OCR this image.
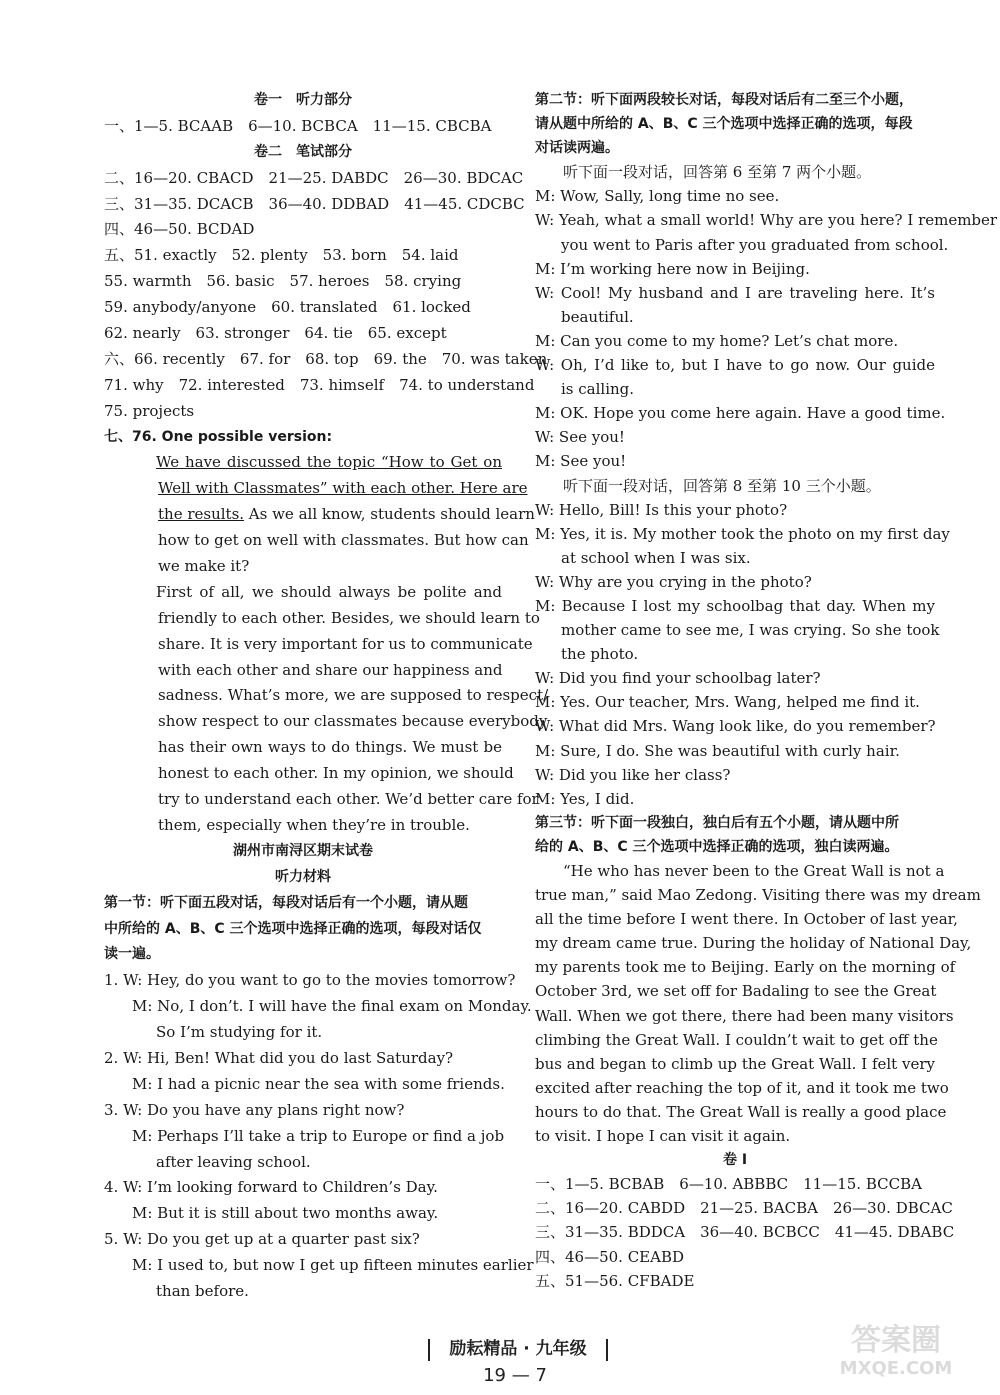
卷一　听力部分
一、1—5. BCAAB　6—10. BCBCA　11—15. CBCBA
卷二　笔试部分
二、16—20. CBACD　21—25. DABDC　26—30. BDCAC
三、31—35. DCACB　36—40. DDBAD　41—45. CDCBC
四、46—50. BCDAD
五、51. exactly　52. plenty　53. born　54. laid
55. warmth　56. basic　57. heroes　58. crying
59. anybody/anyone　60. translated　61. locked
62. nearly　63. stronger　64. tie　65. except
六、66. recently　67. for　68. top　69. the　70. was taken
71. why　72. interested　73. himself　74. to understand
75. projects
七、76. One possible version:
We have discussed the topic “How to Get on
Well with Classmates” with each other. Here are
the results. As we all know, students should learn
how to get on well with classmates. But how can
we make it?
First of all, we should always be polite and
friendly to each other. Besides, we should learn to
share. It is very important for us to communicate
with each other and share our happiness and
sadness. What’s more, we are supposed to respect/
show respect to our classmates because everybody
has their own ways to do things. We must be
honest to each other. In my opinion, we should
try to understand each other. We’d better care for
them, especially when they’re in trouble.
湖州市南浔区期末试卷
听力材料
第一节：听下面五段对话，每段对话后有一个小题，请从题
中所给的 A、B、C 三个选项中选择正确的选项，每段对话仅
读一遍。
1. W: Hey, do you want to go to the movies tomorrow?
M: No, I don’t. I will have the final exam on Monday.
So I’m studying for it.
2. W: Hi, Ben! What did you do last Saturday?
M: I had a picnic near the sea with some friends.
3. W: Do you have any plans right now?
M: Perhaps I’ll take a trip to Europe or find a job
after leaving school.
4. W: I’m looking forward to Children’s Day.
M: But it is still about two months away.
5. W: Do you get up at a quarter past six?
M: I used to, but now I get up fifteen minutes earlier
than before.
第二节：听下面两段较长对话，每段对话后有二至三个小题，
请从题中所给的 A、B、C 三个选项中选择正确的选项，每段
对话读两遍。
听下面一段对话，回答第 6 至第 7 两个小题。
M: Wow, Sally, long time no see.
W: Yeah, what a small world! Why are you here? I remember
you went to Paris after you graduated from school.
M: I’m working here now in Beijing.
W: Cool! My husband and I are traveling here. It’s
beautiful.
M: Can you come to my home? Let’s chat more.
W: Oh, I’d like to, but I have to go now. Our guide
is calling.
M: OK. Hope you come here again. Have a good time.
W: See you!
M: See you!
听下面一段对话，回答第 8 至第 10 三个小题。
W: Hello, Bill! Is this your photo?
M: Yes, it is. My mother took the photo on my first day
at school when I was six.
W: Why are you crying in the photo?
M: Because I lost my schoolbag that day. When my
mother came to see me, I was crying. So she took
the photo.
W: Did you find your schoolbag later?
M: Yes. Our teacher, Mrs. Wang, helped me find it.
W: What did Mrs. Wang look like, do you remember?
M: Sure, I do. She was beautiful with curly hair.
W: Did you like her class?
M: Yes, I did.
第三节：听下面一段独白，独白后有五个小题，请从题中所
给的 A、B、C 三个选项中选择正确的选项，独白读两遍。
“He who has never been to the Great Wall is not a
true man,” said Mao Zedong. Visiting there was my dream
all the time before I went there. In October of last year,
my dream came true. During the holiday of National Day,
my parents took me to Beijing. Early on the morning of
October 3rd, we set off for Badaling to see the Great
Wall. When we got there, there had been many visitors
climbing the Great Wall. I couldn’t wait to get off the
bus and began to climb up the Great Wall. I felt very
excited after reaching the top of it, and it took me two
hours to do that. The Great Wall is really a good place
to visit. I hope I can visit it again.
卷 I
一、1—5. BCBAB　6—10. ABBBC　11—15. BCCBA
二、16—20. CABDD　21—25. BACBA　26—30. DBCAC
三、31—35. BDDCA　36—40. BCBCC　41—45. DBABC
四、46—50. CEABD
五、51—56. CFBADE
励耘精品 · 九年级
19 — 7
答案圈
MXQE.COM
